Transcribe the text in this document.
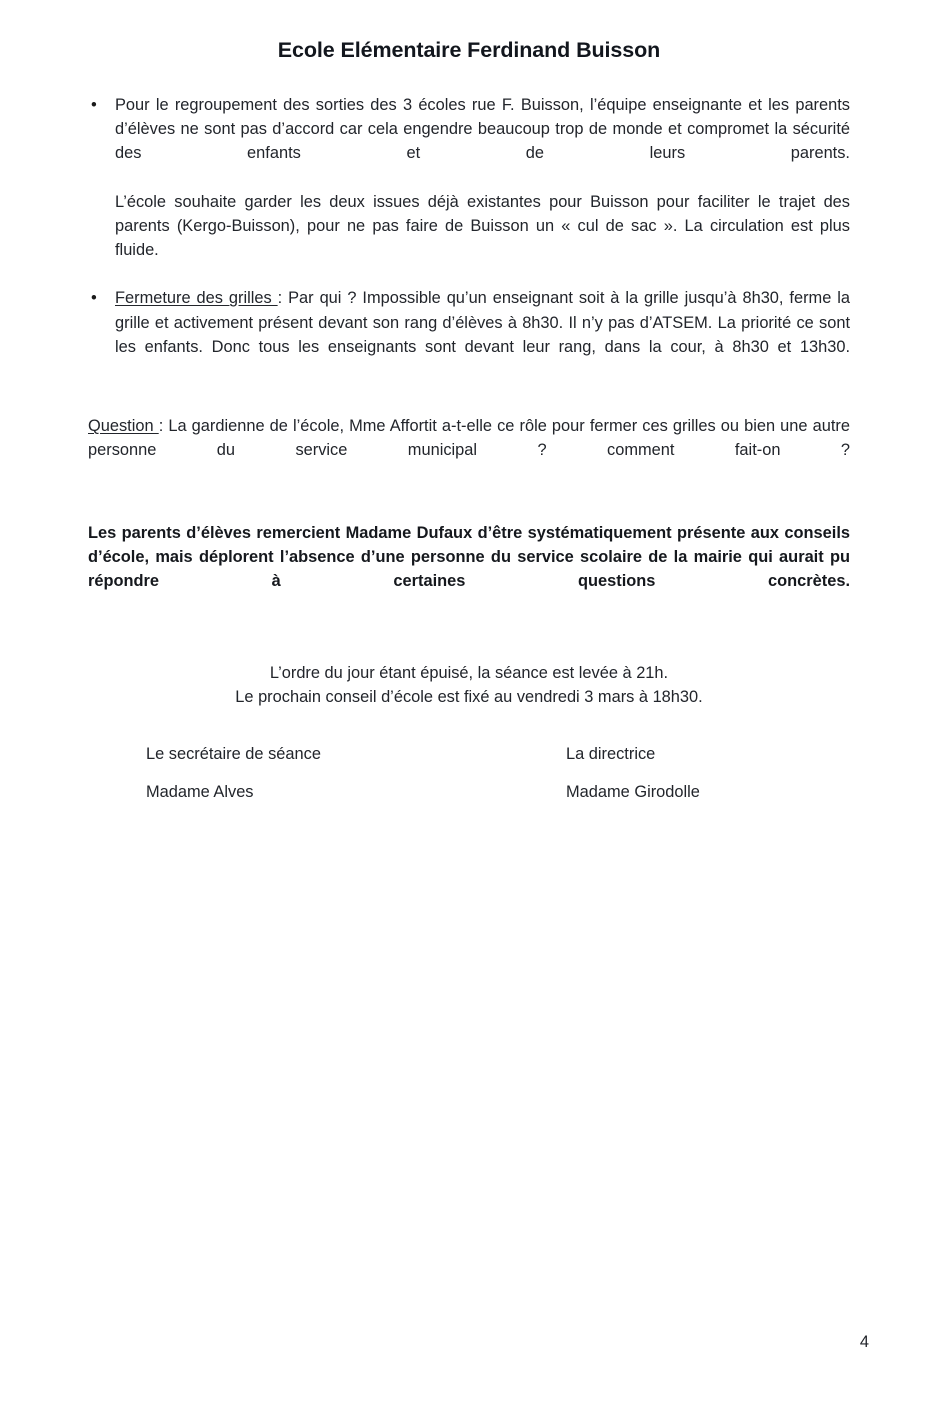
Ecole Elémentaire Ferdinand Buisson
• Pour le regroupement des sorties des 3 écoles rue F. Buisson, l’équipe enseignante et les parents d’élèves ne sont pas d’accord car cela engendre beaucoup trop de monde et compromet la sécurité des enfants et de leurs parents.

L’école souhaite garder les deux issues déjà existantes pour Buisson pour faciliter le trajet des parents (Kergo-Buisson), pour ne pas faire de Buisson un « cul de sac ». La circulation est plus fluide.

• Fermeture des grilles : Par qui ? Impossible qu’un enseignant soit à la grille jusqu’à 8h30, ferme la grille et activement présent devant son rang d’élèves à 8h30. Il n’y pas d’ATSEM. La priorité ce sont les enfants. Donc tous les enseignants sont devant leur rang, dans la cour, à 8h30 et 13h30.

Question : La gardienne de l’école, Mme Affortit a-t-elle ce rôle pour fermer ces grilles ou bien une autre personne du service municipal ? comment fait-on ?

Les parents d’élèves remercient Madame Dufaux d’être systématiquement présente aux conseils d’école, mais déplorent l’absence d’une personne du service scolaire de la mairie qui aurait pu répondre à certaines questions concrètes.

L’ordre du jour étant épuisé, la séance est levée à 21h.
Le prochain conseil d’école est fixé au vendredi 3 mars à 18h30.
Le secrétaire de séance	La directrice
Madame Alves	Madame Girodolle
4
